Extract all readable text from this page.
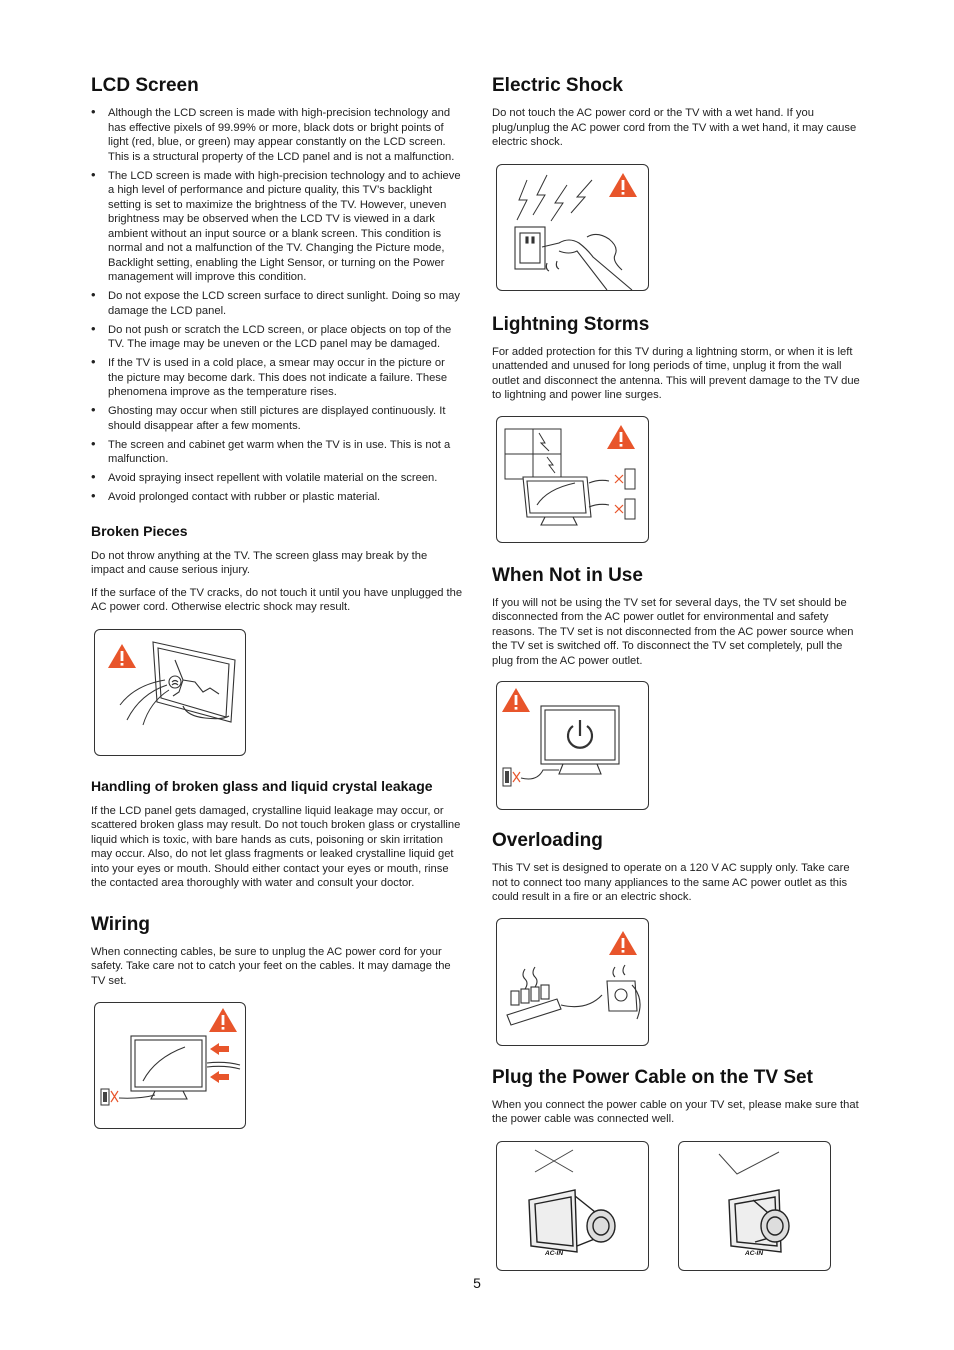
LCD Screen
• Although the LCD screen is made with high-precision technology and has effective pixels of 99.99% or more, black dots or bright points of light (red, blue, or green) may appear constantly on the LCD screen. This is a structural property of the LCD panel and is not a malfunction.
• The LCD screen is made with high-precision technology and to achieve a high level of performance and picture quality, this TV’s backlight setting is set to maximize the brightness of the TV. However, uneven brightness may be observed when the LCD TV is viewed in a dark ambient without an input source or a blank screen. This condition is normal and not a malfunction of the TV. Changing the Picture mode, Backlight setting, enabling the Light Sensor, or turning on the Power management will improve this condition.
• Do not expose the LCD screen surface to direct sunlight. Doing so may damage the LCD panel.
• Do not push or scratch the LCD screen, or place objects on top of the TV. The image may be uneven or the LCD panel may be damaged.
• If the TV is used in a cold place, a smear may occur in the picture or the picture may become dark. This does not indicate a failure. These phenomena improve as the temperature rises.
• Ghosting may occur when still pictures are displayed continuously. It should disappear after a few moments.
• The screen and cabinet get warm when the TV is in use. This is not a malfunction.
• Avoid spraying insect repellent with volatile material on the screen.
• Avoid prolonged contact with rubber or plastic material.
Broken Pieces

Do not throw anything at the TV. The screen glass may break by the impact and cause serious injury.

If the surface of the TV cracks, do not touch it until you have unplugged the AC power cord. Otherwise electric shock may result.

Handling of broken glass and liquid crystal leakage

If the LCD panel gets damaged, crystalline liquid leakage may occur, or scattered broken glass may result. Do not touch broken glass or crystalline liquid which is toxic, with bare hands as cuts, poisoning or skin irritation may occur. Also, do not let glass fragments or leaked crystalline liquid get into your eyes or mouth. Should either contact your eyes or mouth, rinse the contacted area thoroughly with water and consult your doctor.

Wiring

When connecting cables, be sure to unplug the AC power cord for your safety. Take care not to catch your feet on the cables. It may damage the TV set.

Electric Shock

Do not touch the AC power cord or the TV with a wet hand. If you plug/unplug the AC power cord from the TV with a wet hand, it may cause electric shock.

Lightning Storms

For added protection for this TV during a lightning storm, or when it is left unattended and unused for long periods of time, unplug it from the wall outlet and disconnect the antenna. This will prevent damage to the TV due to lightning and power line surges.

When Not in Use

If you will not be using the TV set for several days, the TV set should be disconnected from the AC power outlet for environmental and safety reasons. The TV set is not disconnected from the AC power source when the TV set is switched off. To disconnect the TV set completely, pull the plug from the AC power outlet.

Overloading

This TV set is designed to operate on a 120 V AC supply only. Take care not to connect too many appliances to the same AC power outlet as this could result in a fire or an electric shock.

Plug the Power Cable on the TV Set

When you connect the power cable on your TV set, please make sure that the power cable was connected well.

AC-IN	AC-IN
5
